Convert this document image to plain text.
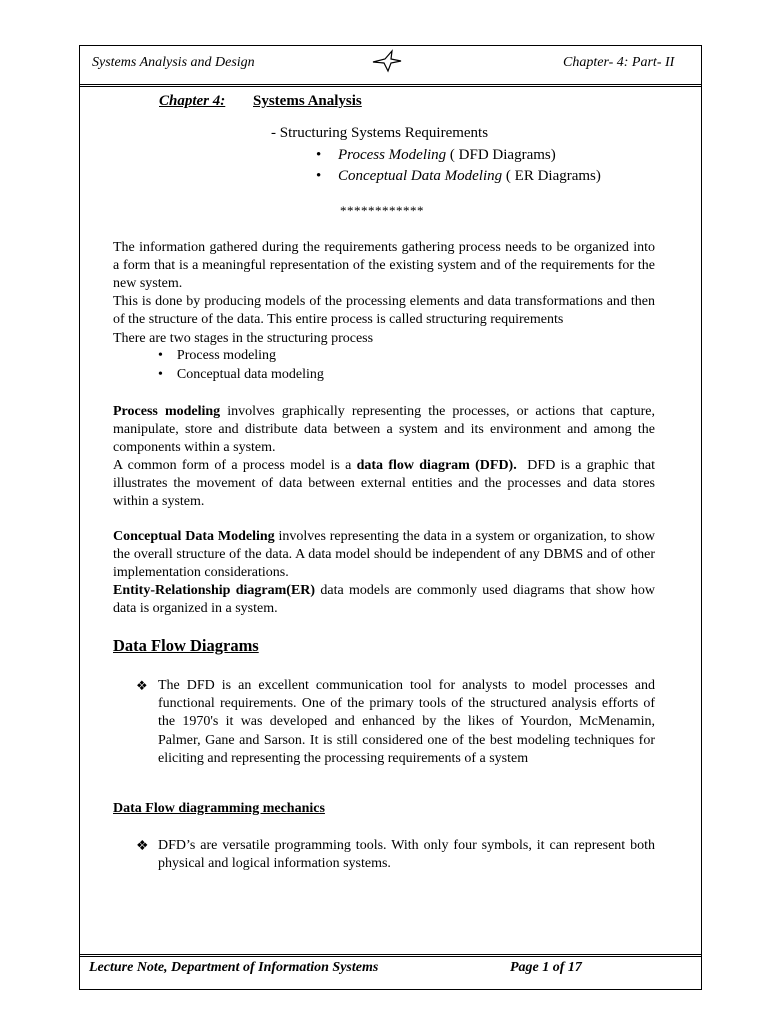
Systems Analysis and Design	Chapter- 4: Part- II
Chapter 4: Systems Analysis
- Structuring Systems Requirements
• Process Modeling ( DFD Diagrams)
• Conceptual Data Modeling ( ER Diagrams)
************

The information gathered during the requirements gathering process needs to be organized into a form that is a meaningful representation of the existing system and of the requirements for the new system.

This is done by producing models of the processing elements and data transformations and then of the structure of the data. This entire process is called structuring requirements

There are two stages in the structuring process

• Process modeling
• Conceptual data modeling

Process modeling involves graphically representing the processes, or actions that capture, manipulate, store and distribute data between a system and its environment and among the components within a system.

A common form of a process model is a data flow diagram (DFD).  DFD is a graphic that illustrates the movement of data between external entities and the processes and data stores within a system.

Conceptual Data Modeling involves representing the data in a system or organization, to show the overall structure of the data. A data model should be independent of any DBMS and of other implementation considerations.

Entity-Relationship diagram(ER) data models are commonly used diagrams that show how data is organized in a system.

Data Flow Diagrams
❖ The DFD is an excellent communication tool for analysts to model processes and functional requirements. One of the primary tools of the structured analysis efforts of the 1970's it was developed and enhanced by the likes of Yourdon, McMenamin, Palmer, Gane and Sarson. It is still considered one of the best modeling techniques for eliciting and representing the processing requirements of a system

Data Flow diagramming mechanics
❖ DFD’s are versatile programming tools. With only four symbols, it can represent both physical and logical information systems.

Lecture Note, Department of Information Systems	Page 1 of 17
